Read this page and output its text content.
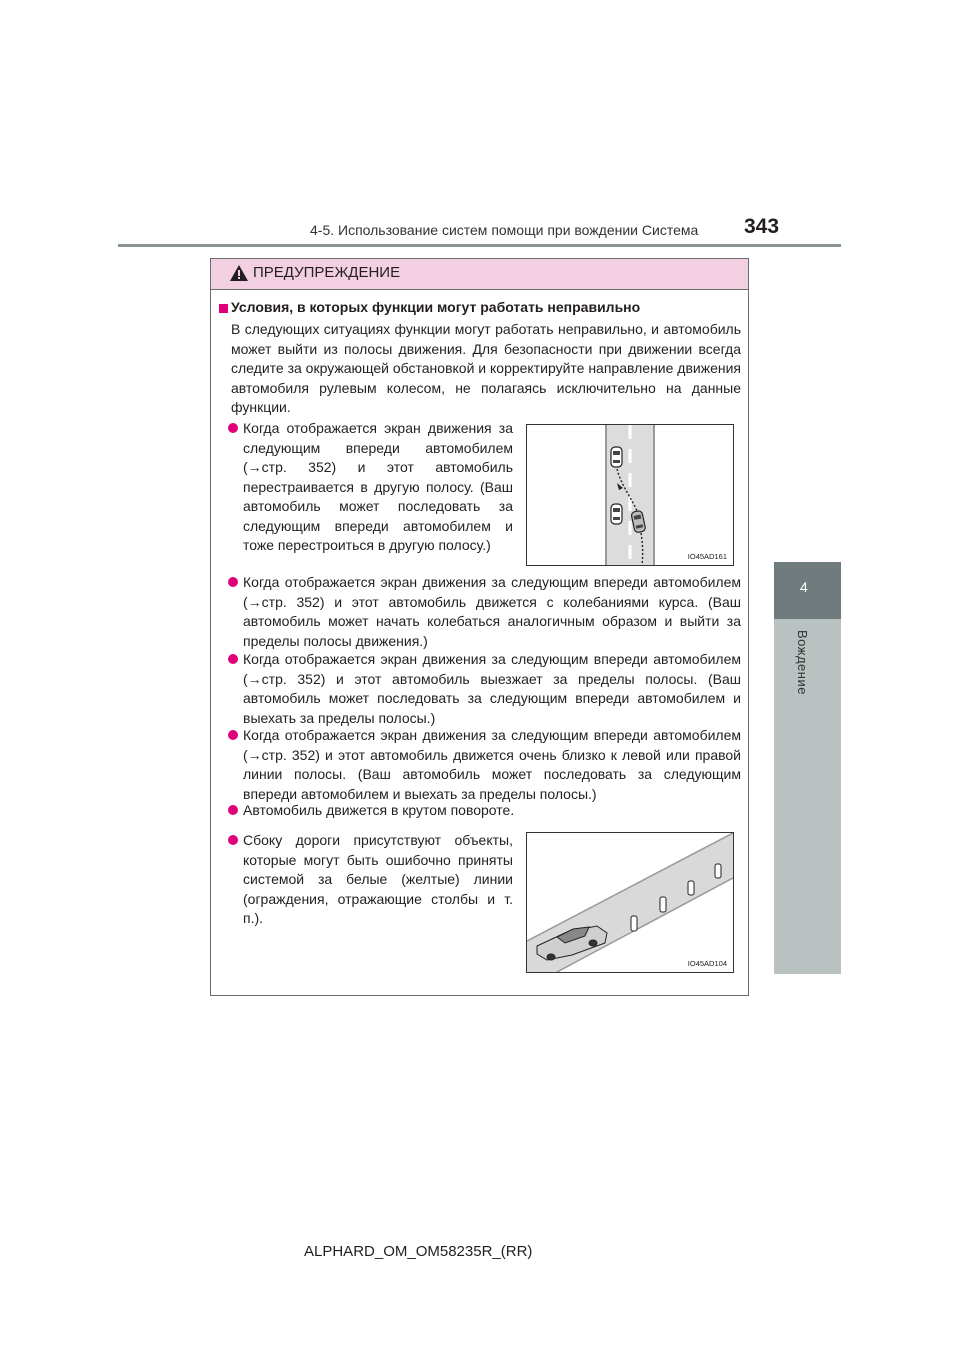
4-5. Использование систем помощи при вождении Система 343
4
Вождение
ПРЕДУПРЕЖДЕНИЕ
Условия, в которых функции могут работать неправильно
В следующих ситуациях функции могут работать неправильно, и автомобиль может выйти из полосы движения. Для безопасности при движении всегда следите за окружающей обстановкой и корректируйте направление движения автомобиля рулевым колесом, не полагаясь исключительно на данные функции.
Когда отображается экран движения за следующим впереди автомобилем (→стр. 352) и этот автомобиль перестраивается в другую полосу. (Ваш автомобиль может последовать за следующим впереди автомобилем и тоже перестроиться в другую полосу.)
IO45AD161
Когда отображается экран движения за следующим впереди автомобилем (→стр. 352) и этот автомобиль движется с колебаниями курса. (Ваш автомобиль может начать колебаться аналогичным образом и выйти за пределы полосы движения.)
Когда отображается экран движения за следующим впереди автомобилем (→стр. 352) и этот автомобиль выезжает за пределы полосы. (Ваш автомобиль может последовать за следующим впереди автомобилем и выехать за пределы полосы.)
Когда отображается экран движения за следующим впереди автомобилем (→стр. 352) и этот автомобиль движется очень близко к левой или правой линии полосы. (Ваш автомобиль может последовать за следующим впереди автомобилем и выехать за пределы полосы.)
Автомобиль движется в крутом повороте.
Сбоку дороги присутствуют объекты, которые могут быть ошибочно приняты системой за белые (желтые) линии (ограждения, отражающие столбы и т. п.).
IO45AD104
ALPHARD_OM_OM58235R_(RR)
